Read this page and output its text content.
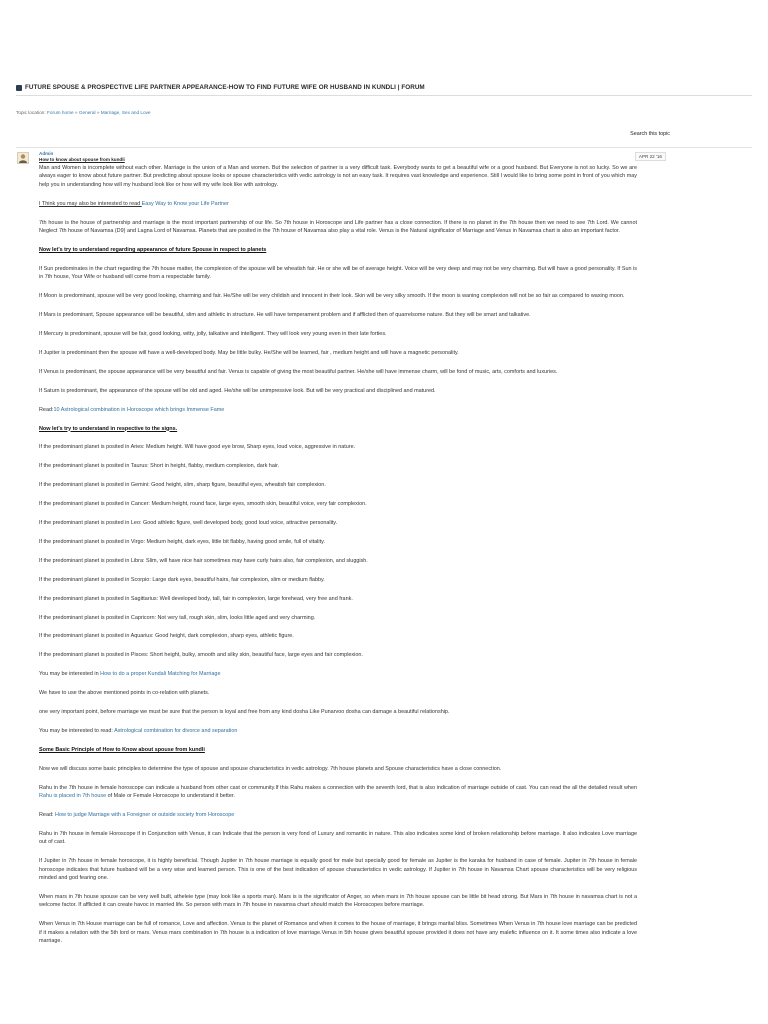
FUTURE SPOUSE & PROSPECTIVE LIFE PARTNER APPEARANCE-HOW TO FIND FUTURE WIFE OR HUSBAND IN KUNDLI | FORUM
Topic location: Forum home » General » Marriage, Sex and Love
Search this topic
Admin
How to know about spouse from kundli
APR 22 '16

Man and Women is incomplete without each other. Marriage is the union of a Man and women. But the selection of partner is a very difficult task. Everybody wants to get a beautiful wife or a good husband. But Everyone is not so lucky. So we are always eager to know about future partner. But predicting about spouse looks or spouse characteristics with vedic astrology is not an easy task. It requires vast knowledge and experience. Still I would like to bring some point in front of you which may help you in understanding how will my husband look like or how will my wife look like with astrology.

I Think you may also be interested to read Easy Way to Know your Life Partner

7th house is the house of partnership and marriage is the most important partnership of our life. So 7th house in Horoscope and Life partner has a close connection. If there is no planet in the 7th house then we need to see 7th Lord. We cannot Neglect 7th house of Navamsa (D9) and Lagna Lord of Navamsa. Planets that are posited in the 7th house of Navamsa also play a vital role. Venus is the Natural significator of Marriage and Venus in Navamsa chart is also an important factor.

Now let's try to understand regarding appearance of future Spouse in respect to planets

If Sun predominates in the chart regarding the 7th house matter, the complexion of the spouse will be wheatish fair. He or she will be of average height. Voice will be very deep and may not be very charming. But will have a good personality. If Sun is in 7th house, Your Wife or husband will come from a respectable family.

If Moon is predominant, spouse will be very good looking, charming and fair. He/She will be very childish and innocent in their look. Skin will be very silky smooth. If the moon is waning complexion will not be so fair as compared to waxing moon.

If Mars is predominant, Spouse appearance will be beautiful, slim and athletic in structure. He will have temperament problem and if afflicted then of quarrelsome nature. But they will be smart and talkative.

If Mercury is predominant, spouse will be fair, good looking, witty, jolly, talkative and intelligent. They will look very young even in their late forties.

If Jupiter is predominant then the spouse will have a well-developed body. May be little bulky. He/She will be learned, fair , medium height and will have a magnetic personality.

If Venus is predominant, the spouse appearance will be very beautiful and fair. Venus is capable of giving the most beautiful partner. He/she will have immense charm, will be fond of music, arts, comforts and luxuries.

If Saturn is predominant, the appearance of the spouse will be old and aged. He/she will be unimpressive look. But will be very practical and disciplined and matured.

Read:10 Astrological combination in Horoscope which brings Immense Fame

Now let's try to understand in respective to the signs.

If the predominant planet is posited in Aries: Medium height. Will have good eye brow, Sharp eyes, loud voice, aggressive in nature.

If the predominant planet is posited in Taurus: Short in height, flabby, medium complexion, dark hair.

If the predominant planet is posited in Gemini: Good height, slim, sharp figure, beautiful eyes, wheatish fair complexion.

If the predominant planet is posited in Cancer: Medium height, round face, large eyes, smooth skin, beautiful voice, very fair complexion.

If the predominant planet is posited in Leo: Good athletic figure, well developed body, good loud voice, attractive personality.

If the predominant planet is posited in Virgo: Medium height, dark eyes, little bit flabby, having good smile, full of vitality.

If the predominant planet is posited in Libra: Slim, will have nice hair sometimes may have curly hairs also, fair complexion, and sluggish.

If the predominant planet is posited in Scorpio: Large dark eyes, beautiful hairs, fair complexion, slim or medium flabby.

If the predominant planet is posited in Sagittarius: Well developed body, tall, fair in complexion, large forehead, very free and frank.

If the predominant planet is posited in Capricorn: Not very tall, rough skin, slim, looks little aged and very charming.

If the predominant planet is posited in Aquarius: Good height, dark complexion, sharp eyes, athletic figure.

If the predominant planet is posited in Pisces: Short height, bulky, smooth and silky skin, beautiful face, large eyes and fair complexion.

You may be interested in How to do a proper Kundali Matching for Marriage

We have to use the above mentioned points in co-relation with planets.

one very important point, before marriage we must be sure that the person is loyal and free from any kind dosha Like Punarvoo dosha can damage a beautiful relationship.

You may be interested to read: Astrological combination for divorce and separation

Some Basic Principle of How to Know about spouse from kundli

Now we will discuss some basic principles to determine the type of spouse and spouse characteristics in vedic astrology. 7th house planets and Spouse characteristics have a close connection.

Rahu in the 7th house in female horoscope can indicate a husband from other cast or community.If this Rahu makes a connection with the seventh lord, that is also indication of marriage outside of cast. You can read the all the detailed result when Rahu is placed in 7th house of Male or Female Horoscope to understand it better.

Read: How to judge Marriage with a Foreigner or outside society from Horoscope

Rahu in 7th house in female Horoscope if in Conjunction with Venus, it can Indicate that the person is very fond of Luxury and romantic in nature. This also indicates some kind of broken relationship before marriage. It also indicates Love marriage out of cast.

If Jupiter in 7th house in female horoscope, it is highly beneficial. Though Jupiter in 7th house marriage is equally good for male but specially good for female as Jupiter is the karaka for husband in case of female. Jupiter in 7th house in female horoscope indicates that future husband will be a very wise and learned person. This is one of the best indication of spouse characteristics in vedic astrology. If Jupiter in 7th house in Navamsa Chart spouse characteristics will be very religious minded and god fearing one.

When mars in 7th house spouse can be very well built, atheleie type (may look like a sports man). Mars is is the significator of Anger, so when mars in 7th house spouse can be little bit head strong. But Mars in 7th house in navamsa chart is not a welcome factor. If afflicted it can create havoc in married life. So person with mars in 7th house in navamsa chart should match the Horoscopes before marriage.

When Venus in 7th House marriage can be full of romance, Love and affection. Venus is the planet of Romance and when it comes to the house of marriage, it brings marital bliss. Sometimes When Venus in 7th house love marriage can be predicted if it makes a relation with the 5th lord or mars. Venus mars combination in 7th house is a indication of love marriage.Venus in 5th house gives beautiful spouse provided it does not have any malefic influence on it. It some times also indicate a love marriage.
